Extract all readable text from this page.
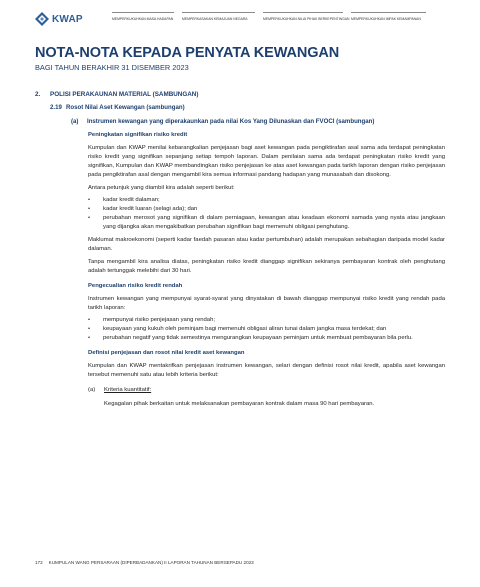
KWAP	MEMPERKUKUHKAN MASA HADAPAN	MEMPERKASAKAN KEMAJUAN NEGARA	MEMPERKUKUHKAN NILAI PIHAK BERKEPENTINGAN MEMPERKUKUHKAN IMPAK KEMAMPANAN
NOTA-NOTA KEPADA PENYATA KEWANGAN
BAGI TAHUN BERAKHIR 31 DISEMBER 2023
2.	POLISI PERAKAUNAN MATERIAL (SAMBUNGAN)
2.19 Rosot Nilai Aset Kewangan (sambungan)
(a)	Instrumen kewangan yang diperakaunkan pada nilai Kos Yang Dilunaskan dan FVOCI (sambungan)
Peningkatan signifikan risiko kredit

Kumpulan dan KWAP menilai kebarangkalian penjejasan bagi aset kewangan pada pengiktirafan asal sama ada terdapat peningkatan risiko kredit yang signifikan sepanjang setiap tempoh laporan. Dalam penilaian sama ada terdapat peningkatan risiko kredit yang signifikan, Kumpulan dan KWAP membandingkan risiko penjejasan ke atas aset kewangan pada tarikh laporan dengan risiko penjejasan pada pengiktirafan asal dengan mengambil kira semua informasi pandang hadapan yang munasabah dan disokong.

Antara petunjuk yang diambil kira adalah seperti berikut:

•	kadar kredit dalaman;
•	kadar kredit luaran (selagi ada); dan
•	perubahan merosot yang signifikan di dalam perniagaan, kewangan atau keadaan ekonomi samada yang nyata atau jangkaan yang dijangka akan mengakibatkan perubahan signifikan bagi memenuhi obligasi penghutang.

Maklumat makroekonomi (seperti kadar faedah pasaran atau kadar pertumbuhan) adalah merupakan sebahagian daripada model kadar dalaman.

Tanpa mengambil kira analisa diatas, peningkatan risiko kredit dianggap signifikan sekiranya pembayaran kontrak oleh penghutang adalah tertunggak melebihi dari 30 hari.

Pengecualian risiko kredit rendah

Instrumen kewangan yang mempunyai syarat-syarat yang dinyatakan di bawah dianggap mempunyai risiko kredit yang rendah pada tarikh laporan:

•	mempunyai risiko penjejasan yang rendah;
•	keupayaan yang kukuh oleh peminjam bagi memenuhi obligasi aliran tunai dalam jangka masa terdekat; dan
•	perubahan negatif yang tidak semestinya mengurangkan keupayaan peminjam untuk membuat pembayaran bila perlu.
Definisi penjejasan dan rosot nilai kredit aset kewangan

Kumpulan dan KWAP mentakrifkan penjejasan instrumen kewangan, selari dengan definisi rosot nilai kredit, apabila aset kewangan tersebut memenuhi satu atau lebih kriteria berikut:

(a)	Kriteria kuantitatif:
Kegagalan pihak berkaitan untuk melaksanakan pembayaran kontrak dalam masa 90 hari pembayaran.
172 KUMPULAN WANG PERSARAAN (DIPERBADANKAN) II LAPORAN TAHUNAN BERSEPADU 2023
